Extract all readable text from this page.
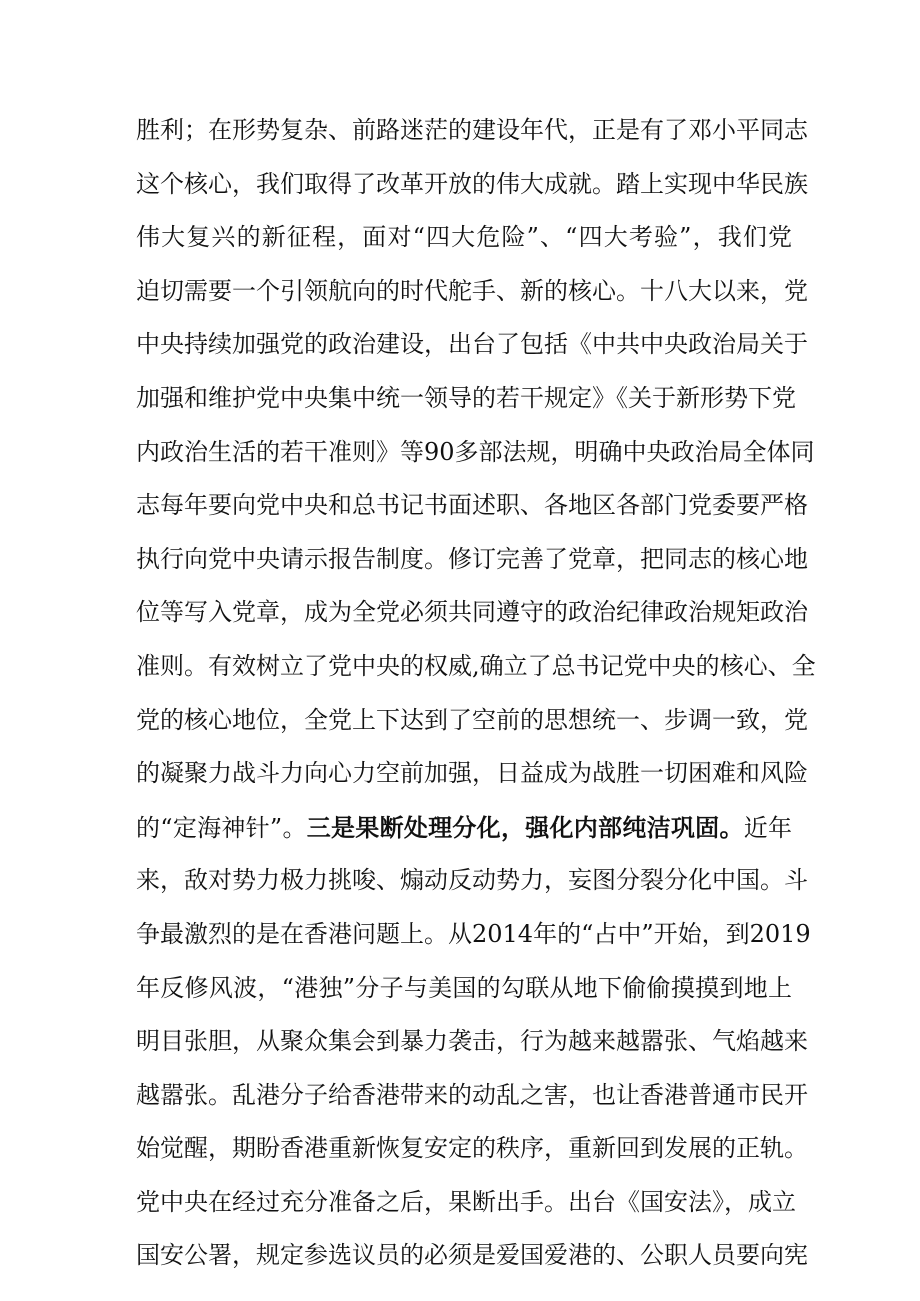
胜利；在形势复杂、前路迷茫的建设年代，正是有了邓小平同志
这个核心，我们取得了改革开放的伟大成就。踏上实现中华民族
伟大复兴的新征程，面对“四大危险”、“四大考验”，我们党
迫切需要一个引领航向的时代舵手、新的核心。十八大以来，党
中央持续加强党的政治建设，出台了包括《中共中央政治局关于
加强和维护党中央集中统一领导的若干规定》《关于新形势下党
内政治生活的若干准则》等90多部法规，明确中央政治局全体同
志每年要向党中央和总书记书面述职、各地区各部门党委要严格
执行向党中央请示报告制度。修订完善了党章，把同志的核心地
位等写入党章，成为全党必须共同遵守的政治纪律政治规矩政治
准则。有效树立了党中央的权威,确立了总书记党中央的核心、全
党的核心地位，全党上下达到了空前的思想统一、步调一致，党
的凝聚力战斗力向心力空前加强，日益成为战胜一切困难和风险
的“定海神针”。三是果断处理分化，强化内部纯洁巩固。近年
来，敌对势力极力挑唆、煽动反动势力，妄图分裂分化中国。斗
争最激烈的是在香港问题上。从2014年的“占中”开始，到2019
年反修风波，“港独”分子与美国的勾联从地下偷偷摸摸到地上
明目张胆，从聚众集会到暴力袭击，行为越来越嚣张、气焰越来
越嚣张。乱港分子给香港带来的动乱之害，也让香港普通市民开
始觉醒，期盼香港重新恢复安定的秩序，重新回到发展的正轨。
党中央在经过充分准备之后，果断出手。出台《国安法》，成立
国安公署，规定参选议员的必须是爱国爱港的、公职人员要向宪
